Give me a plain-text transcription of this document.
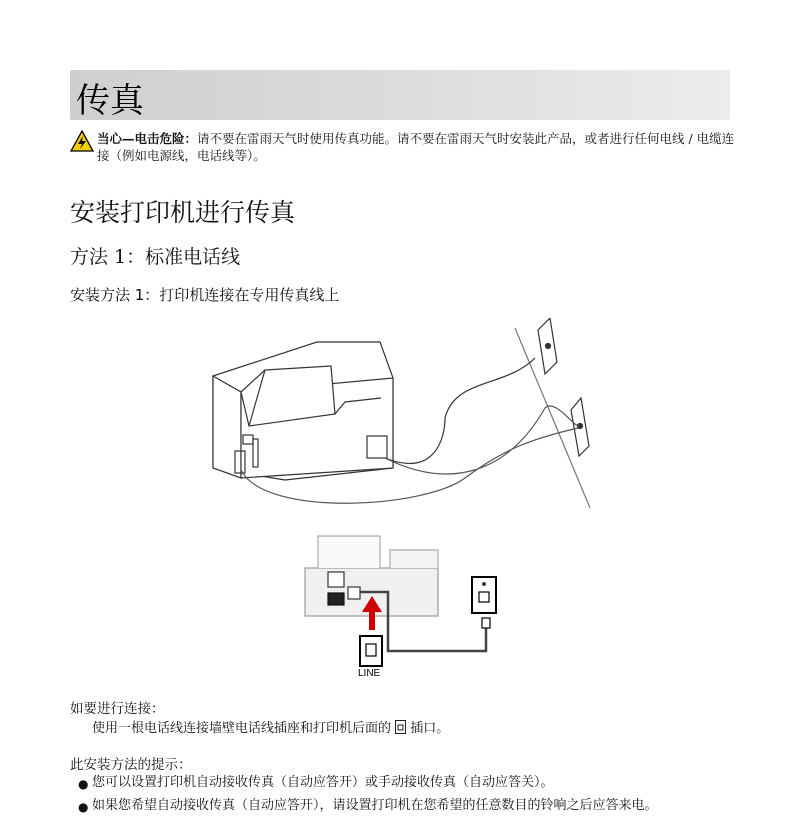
传真
当心—电击危险：请不要在雷雨天气时使用传真功能。请不要在雷雨天气时安装此产品，或者进行任何电线 / 电缆连接（例如电源线，电话线等）。
安装打印机进行传真
方法 1：标准电话线
安装方法 1：打印机连接在专用传真线上
LINE
如要进行连接：
使用一根电话线连接墙壁电话线插座和打印机后面的 插口。
此安装方法的提示：
● 您可以设置打印机自动接收传真（自动应答开）或手动接收传真（自动应答关）。
● 如果您希望自动接收传真（自动应答开），请设置打印机在您希望的任意数目的铃响之后应答来电。
